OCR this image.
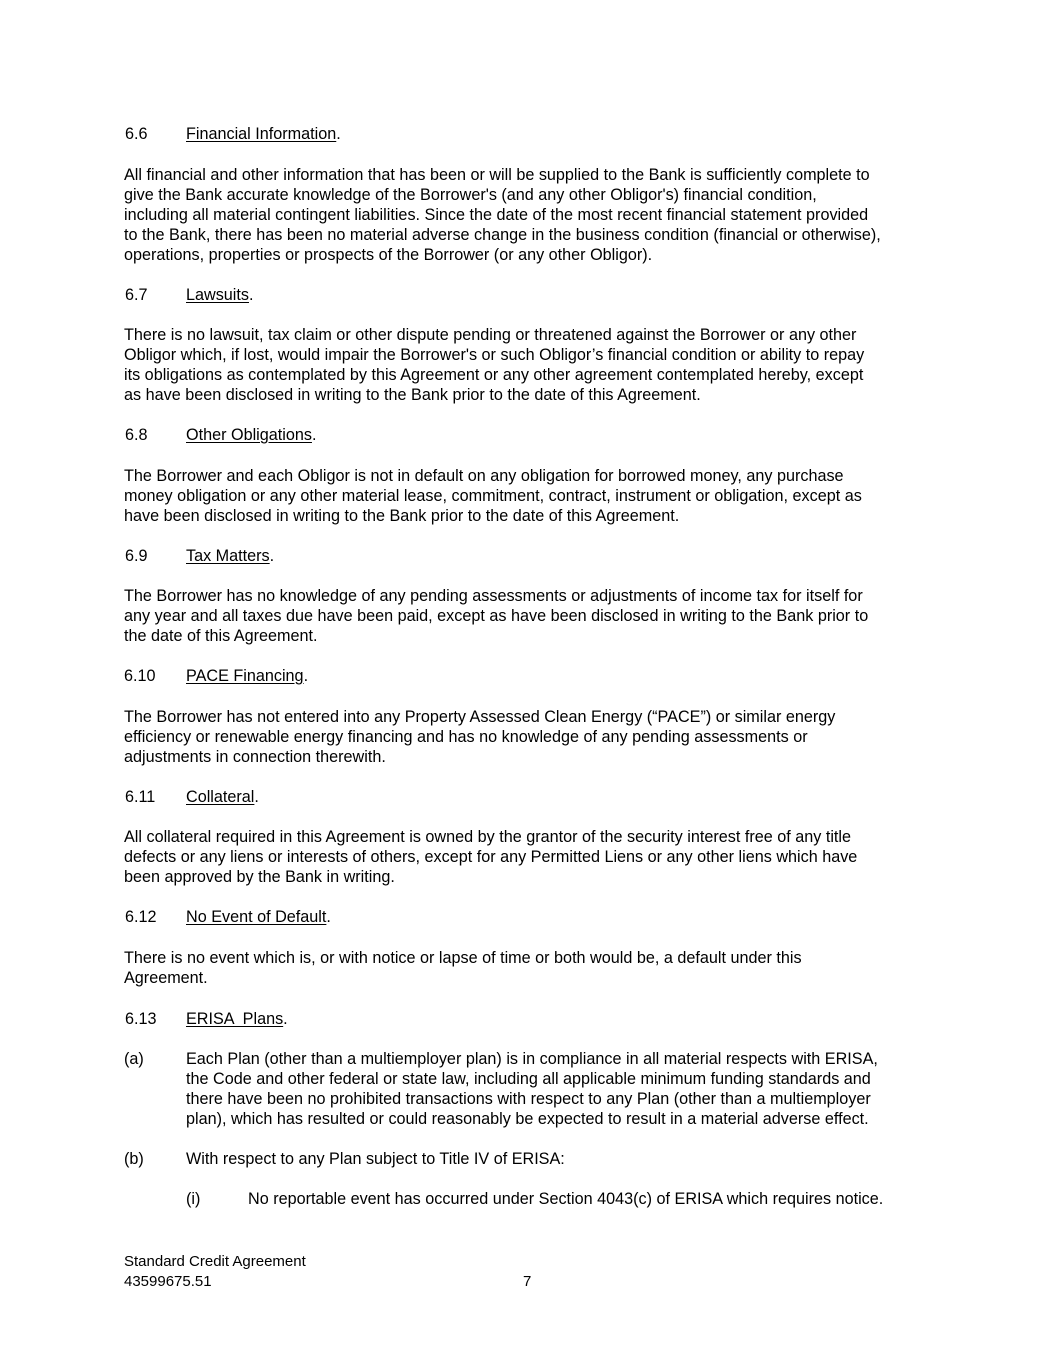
6.6 Financial Information.
All financial and other information that has been or will be supplied to the Bank is sufficiently complete to
give the Bank accurate knowledge of the Borrower's (and any other Obligor's) financial condition,
including all material contingent liabilities. Since the date of the most recent financial statement provided
to the Bank, there has been no material adverse change in the business condition (financial or otherwise),
operations, properties or prospects of the Borrower (or any other Obligor).
6.7 Lawsuits.
There is no lawsuit, tax claim or other dispute pending or threatened against the Borrower or any other
Obligor which, if lost, would impair the Borrower's or such Obligor’s financial condition or ability to repay
its obligations as contemplated by this Agreement or any other agreement contemplated hereby, except
as have been disclosed in writing to the Bank prior to the date of this Agreement.
6.8 Other Obligations.
The Borrower and each Obligor is not in default on any obligation for borrowed money, any purchase
money obligation or any other material lease, commitment, contract, instrument or obligation, except as
have been disclosed in writing to the Bank prior to the date of this Agreement.
6.9 Tax Matters.
The Borrower has no knowledge of any pending assessments or adjustments of income tax for itself for
any year and all taxes due have been paid, except as have been disclosed in writing to the Bank prior to
the date of this Agreement.
6.10 PACE Financing.
The Borrower has not entered into any Property Assessed Clean Energy (“PACE”) or similar energy
efficiency or renewable energy financing and has no knowledge of any pending assessments or
adjustments in connection therewith.
6.11 Collateral.
All collateral required in this Agreement is owned by the grantor of the security interest free of any title
defects or any liens or interests of others, except for any Permitted Liens or any other liens which have
been approved by the Bank in writing.
6.12 No Event of Default.
There is no event which is, or with notice or lapse of time or both would be, a default under this
Agreement.
6.13 ERISA  Plans.
(a)	Each Plan (other than a multiemployer plan) is in compliance in all material respects with ERISA,
the Code and other federal or state law, including all applicable minimum funding standards and
there have been no prohibited transactions with respect to any Plan (other than a multiemployer
plan), which has resulted or could reasonably be expected to result in a material adverse effect.
(b)	With respect to any Plan subject to Title IV of ERISA:
(i)	No reportable event has occurred under Section 4043(c) of ERISA which requires notice.
Standard Credit Agreement
43599675.51	7
